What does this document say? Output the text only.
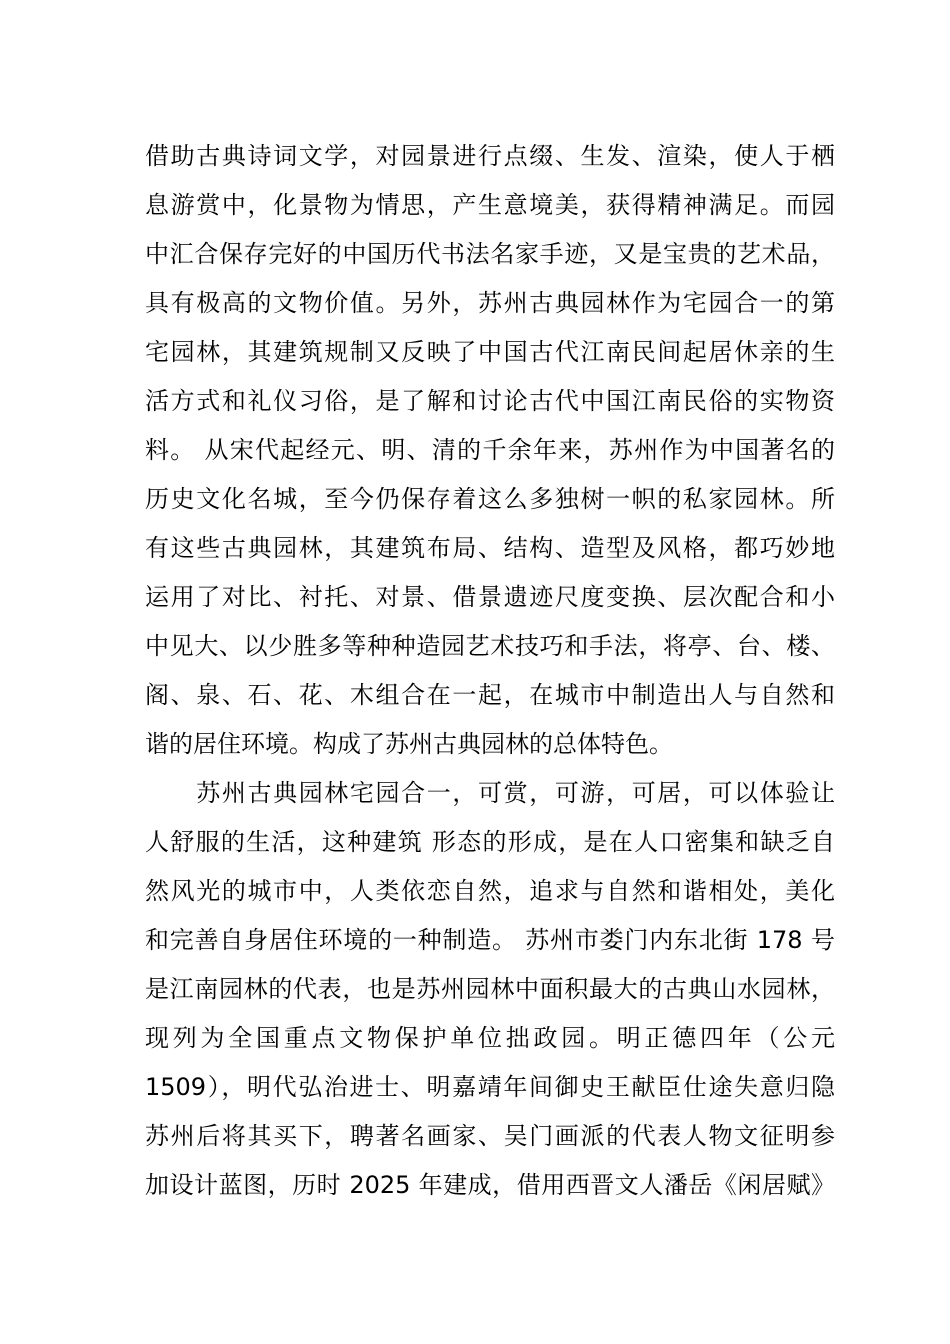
借助古典诗词文学，对园景进行点缀、生发、渲染，使人于栖
息游赏中，化景物为情思，产生意境美，获得精神满足。而园
中汇合保存完好的中国历代书法名家手迹，又是宝贵的艺术品，
具有极高的文物价值。另外，苏州古典园林作为宅园合一的第
宅园林，其建筑规制又反映了中国古代江南民间起居休亲的生
活方式和礼仪习俗，是了解和讨论古代中国江南民俗的实物资
料。 从宋代起经元、明、清的千余年来，苏州作为中国著名的
历史文化名城，至今仍保存着这么多独树一帜的私家园林。所
有这些古典园林，其建筑布局、结构、造型及风格，都巧妙地
运用了对比、衬托、对景、借景遗迹尺度变换、层次配合和小
中见大、以少胜多等种种造园艺术技巧和手法，将亭、台、楼、
阁、泉、石、花、木组合在一起，在城市中制造出人与自然和
谐的居住环境。构成了苏州古典园林的总体特色。
　　苏州古典园林宅园合一，可赏，可游，可居，可以体验让
人舒服的生活，这种建筑 形态的形成，是在人口密集和缺乏自
然风光的城市中，人类依恋自然，追求与自然和谐相处，美化
和完善自身居住环境的一种制造。 苏州市娄门内东北街 178 号
是江南园林的代表，也是苏州园林中面积最大的古典山水园林，
现列为全国重点文物保护单位拙政园。明正德四年（公元
1509），明代弘治进士、明嘉靖年间御史王献臣仕途失意归隐
苏州后将其买下，聘著名画家、吴门画派的代表人物文征明参
加设计蓝图，历时 2025 年建成，借用西晋文人潘岳《闲居赋》
